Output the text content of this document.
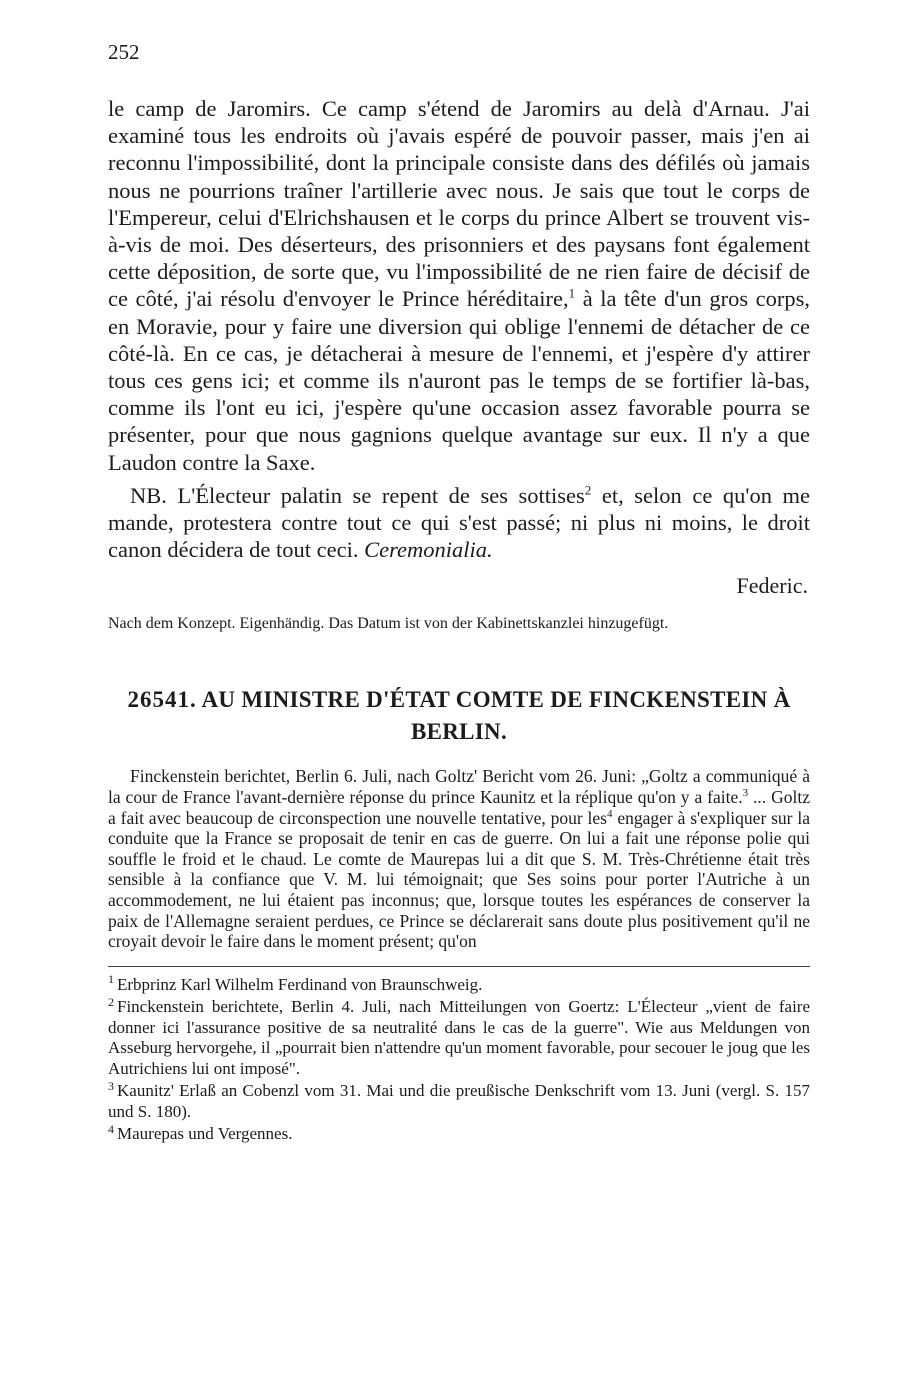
252

le camp de Jaromirs. Ce camp s'étend de Jaromirs au delà d'Arnau. J'ai examiné tous les endroits où j'avais espéré de pouvoir passer, mais j'en ai reconnu l'impossibilité, dont la principale consiste dans des défilés où jamais nous ne pourrions traîner l'artillerie avec nous. Je sais que tout le corps de l'Empereur, celui d'Elrichshausen et le corps du prince Albert se trouvent vis-à-vis de moi. Des déserteurs, des prisonniers et des paysans font également cette déposition, de sorte que, vu l'impossibilité de ne rien faire de décisif de ce côté, j'ai résolu d'envoyer le Prince héréditaire,$^1$ à la tête d'un gros corps, en Moravie, pour y faire une diversion qui oblige l'ennemi de détacher de ce côté-là. En ce cas, je détacherai à mesure de l'ennemi, et j'espère d'y attirer tous ces gens ici; et comme ils n'auront pas le temps de se fortifier là-bas, comme ils l'ont eu ici, j'espère qu'une occasion assez favorable pourra se présenter, pour que nous gagnions quelque avantage sur eux. Il n'y a que Laudon contre la Saxe.

NB. L'Électeur palatin se repent de ses sottises$^2$ et, selon ce qu'on me mande, protestera contre tout ce qui s'est passé; ni plus ni moins, le droit canon décidera de tout ceci. Ceremonialia.

Federic.

Nach dem Konzept. Eigenhändig. Das Datum ist von der Kabinettskanzlei hinzugefügt.

26541. AU MINISTRE D'ÉTAT COMTE DE FINCKENSTEIN À BERLIN.

Finckenstein berichtet, Berlin 6. Juli, nach Goltz' Bericht vom 26. Juni: „Goltz a communiqué à la cour de France l'avant-dernière réponse du prince Kaunitz et la réplique qu'on y a faite.$^3$ ... Goltz a fait avec beaucoup de circonspection une nouvelle tentative, pour les$^4$ engager à s'expliquer sur la conduite que la France se proposait de tenir en cas de guerre. On lui a fait une réponse polie qui souffle le froid et le chaud. Le comte de Maurepas lui a dit que S. M. Très-Chrétienne était très sensible à la confiance que V. M. lui témoignait; que Ses soins pour porter l'Autriche à un accommodement, ne lui étaient pas inconnus; que, lorsque toutes les espérances de conserver la paix de l'Allemagne seraient perdues, ce Prince se déclarerait sans doute plus positivement qu'il ne croyait devoir le faire dans le moment présent; qu'on

$^1$ Erbprinz Karl Wilhelm Ferdinand von Braunschweig.

$^2$ Finckenstein berichtete, Berlin 4. Juli, nach Mitteilungen von Goertz: L'Électeur „vient de faire donner ici l'assurance positive de sa neutralité dans le cas de la guerre". Wie aus Meldungen von Asseburg hervorgehe, il „pourrait bien n'attendre qu'un moment favorable, pour secouer le joug que les Autrichiens lui ont imposé".

$^3$ Kaunitz' Erlaß an Cobenzl vom 31. Mai und die preußische Denkschrift vom 13. Juni (vergl. S. 157 und S. 180).

$^4$ Maurepas und Vergennes.
